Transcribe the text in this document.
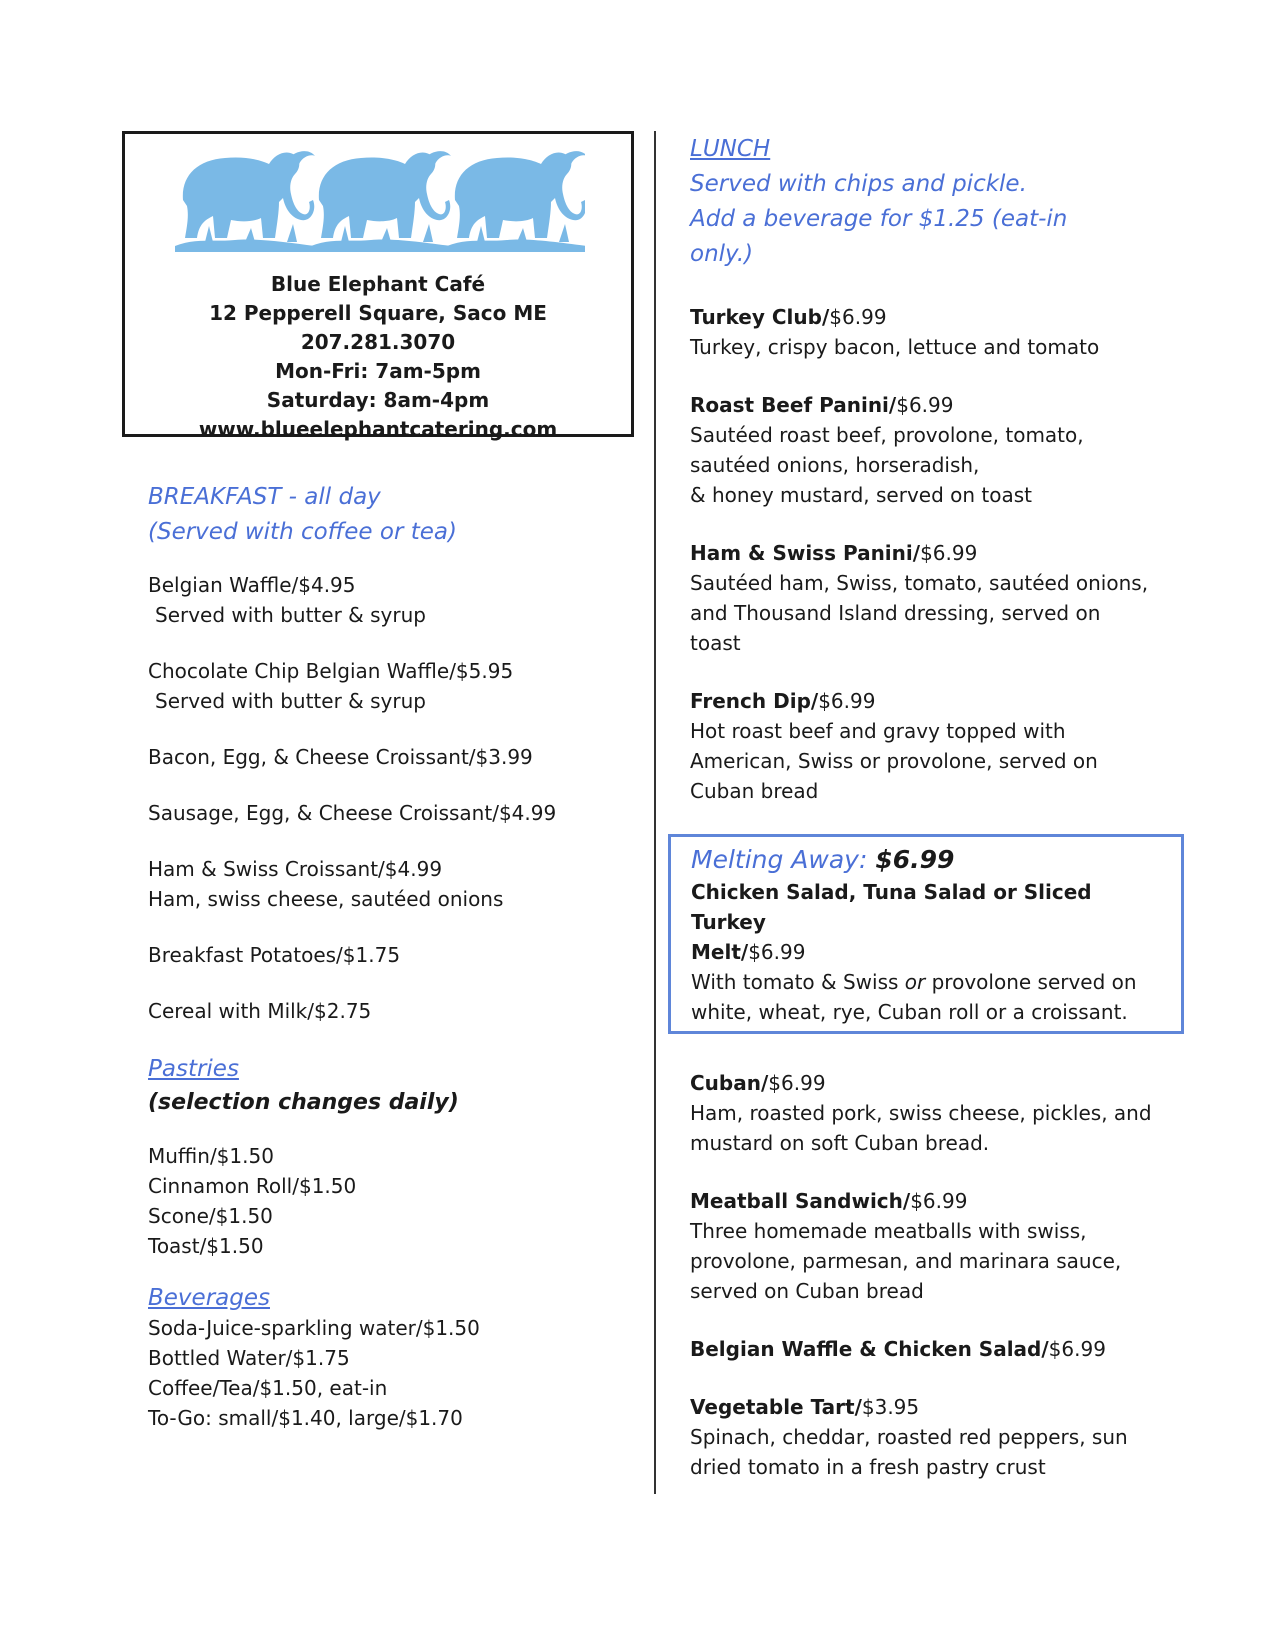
Blue Elephant Café
12 Pepperell Square, Saco ME
207.281.3070
Mon-Fri: 7am-5pm
Saturday: 8am-4pm
www.blueelephantcatering.com
BREAKFAST - all day
(Served with coffee or tea)
Belgian Waffle/$4.95
Served with butter & syrup
Chocolate Chip Belgian Waffle/$5.95
Served with butter & syrup
Bacon, Egg, & Cheese Croissant/$3.99
Sausage, Egg, & Cheese Croissant/$4.99
Ham & Swiss Croissant/$4.99
Ham, swiss cheese, sautéed onions
Breakfast Potatoes/$1.75
Cereal with Milk/$2.75
Pastries
(selection changes daily)
Muffin/$1.50
Cinnamon Roll/$1.50
Scone/$1.50
Toast/$1.50
Beverages
Soda-Juice-sparkling water/$1.50
Bottled Water/$1.75
Coffee/Tea/$1.50, eat-in
To-Go: small/$1.40, large/$1.70
LUNCH
Served with chips and pickle.
Add a beverage for $1.25 (eat-in
only.)
Turkey Club/$6.99
Turkey, crispy bacon, lettuce and tomato
Roast Beef Panini/$6.99
Sautéed roast beef, provolone, tomato,
sautéed onions, horseradish,
& honey mustard, served on toast
Ham & Swiss Panini/$6.99
Sautéed ham, Swiss, tomato, sautéed onions,
and Thousand Island dressing, served on
toast
French Dip/$6.99
Hot roast beef and gravy topped with
American, Swiss or provolone, served on
Cuban bread
Melting Away: $6.99
Chicken Salad, Tuna Salad or Sliced Turkey
Melt/$6.99
With tomato & Swiss or provolone served on
white, wheat, rye, Cuban roll or a croissant.
Cuban/$6.99
Ham, roasted pork, swiss cheese, pickles, and
mustard on soft Cuban bread.
Meatball Sandwich/$6.99
Three homemade meatballs with swiss,
provolone, parmesan, and marinara sauce,
served on Cuban bread
Belgian Waffle & Chicken Salad/$6.99
Vegetable Tart/$3.95
Spinach, cheddar, roasted red peppers, sun
dried tomato in a fresh pastry crust
